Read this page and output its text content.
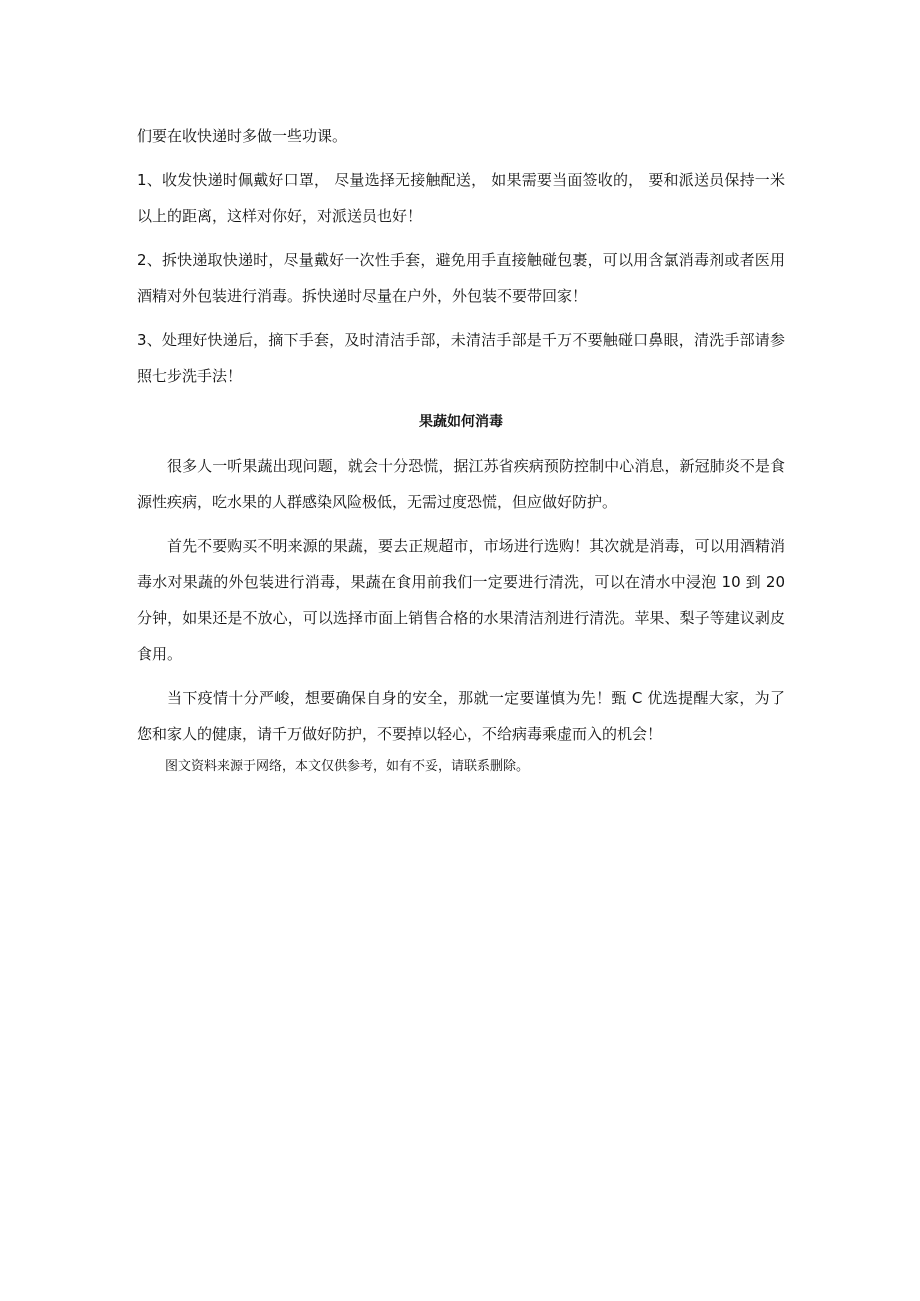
们要在收快递时多做一些功课。

1、收发快递时佩戴好口罩， 尽量选择无接触配送， 如果需要当面签收的， 要和派送员保持一米以上的距离，这样对你好，对派送员也好！

2、拆快递取快递时，尽量戴好一次性手套，避免用手直接触碰包裹，可以用含氯消毒剂或者医用酒精对外包装进行消毒。拆快递时尽量在户外，外包装不要带回家！

3、处理好快递后，摘下手套，及时清洁手部，未清洁手部是千万不要触碰口鼻眼，清洗手部请参照七步洗手法！

果蔬如何消毒

很多人一听果蔬出现问题，就会十分恐慌，据江苏省疾病预防控制中心消息，新冠肺炎不是食源性疾病，吃水果的人群感染风险极低，无需过度恐慌，但应做好防护。

首先不要购买不明来源的果蔬，要去正规超市，市场进行选购！其次就是消毒，可以用酒精消毒水对果蔬的外包装进行消毒，果蔬在食用前我们一定要进行清洗，可以在清水中浸泡 10 到 20 分钟，如果还是不放心，可以选择市面上销售合格的水果清洁剂进行清洗。苹果、梨子等建议剥皮食用。

当下疫情十分严峻，想要确保自身的安全，那就一定要谨慎为先！甄 C 优选提醒大家，为了您和家人的健康，请千万做好防护，不要掉以轻心，不给病毒乘虚而入的机会！

图文资料来源于网络，本文仅供参考，如有不妥，请联系删除。
